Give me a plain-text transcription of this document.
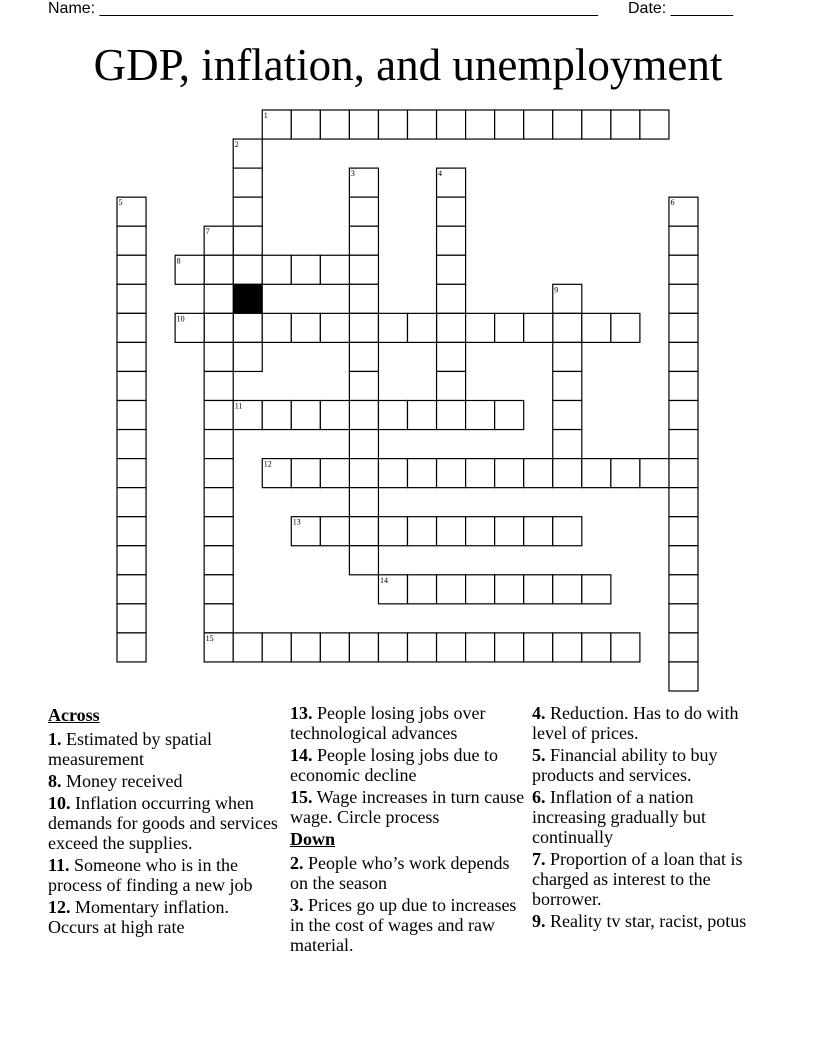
Name: ________________________________________________________ Date: _______
GDP, inflation, and unemployment
1
2
3	4
5	6
7
8
9
10
11
12
13
14
15
Across
1. Estimated by spatial measurement
8. Money received
10. Inflation occurring when demands for goods and services exceed the supplies.
11. Someone who is in the process of finding a new job
12. Momentary inflation. Occurs at high rate
13. People losing jobs over technological advances
14. People losing jobs due to economic decline
15. Wage increases in turn cause wage. Circle process
Down
2. People who’s work depends on the season
3. Prices go up due to increases in the cost of wages and raw material.
4. Reduction. Has to do with level of prices.
5. Financial ability to buy products and services.
6. Inflation of a nation increasing gradually but continually
7. Proportion of a loan that is charged as interest to the borrower.
9. Reality tv star, racist, potus
